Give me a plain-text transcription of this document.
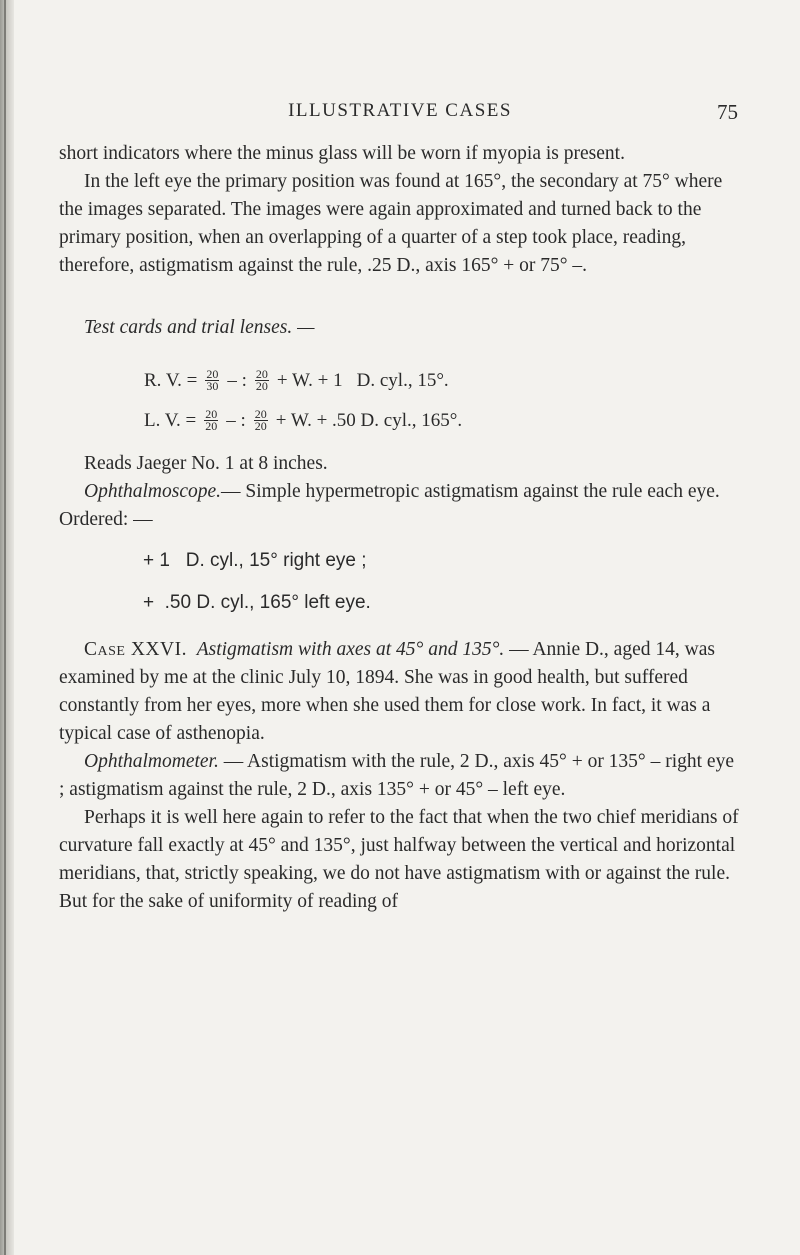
ILLUSTRATIVE CASES	75

short indicators where the minus glass will be worn if myopia is present.

In the left eye the primary position was found at 165°, the secondary at 75° where the images separated. The images were again approximated and turned back to the primary position, when an overlapping of a quarter of a step took place, reading, therefore, astigmatism against the rule, .25 D., axis 165° + or 75° –.

Test cards and trial lenses. —

R. V. = $\frac{20}{30}$ – : $\frac{20}{20} + W$. + 1 D. cyl., 15°.
L. V. = $\frac{20}{20}$ – : $\frac{20}{20} + W$. + .50 D. cyl., 165°.

Reads Jaeger No. 1 at 8 inches.

Ophthalmoscope.— Simple hypermetropic astigmatism against the rule each eye. Ordered: —

+ 1   D. cyl., 15° right eye ;
+  .50 D. cyl., 165° left eye.

Case XXVI. Astigmatism with axes at 45° and 135°. — Annie D., aged 14, was examined by me at the clinic July 10, 1894. She was in good health, but suffered constantly from her eyes, more when she used them for close work. In fact, it was a typical case of asthenopia.

Ophthalmometer. — Astigmatism with the rule, 2 D., axis 45° + or 135° – right eye ; astigmatism against the rule, 2 D., axis 135° + or 45° – left eye.

Perhaps it is well here again to refer to the fact that when the two chief meridians of curvature fall exactly at 45° and 135°, just halfway between the vertical and horizontal meridians, that, strictly speaking, we do not have astigmatism with or against the rule. But for the sake of uniformity of reading of
